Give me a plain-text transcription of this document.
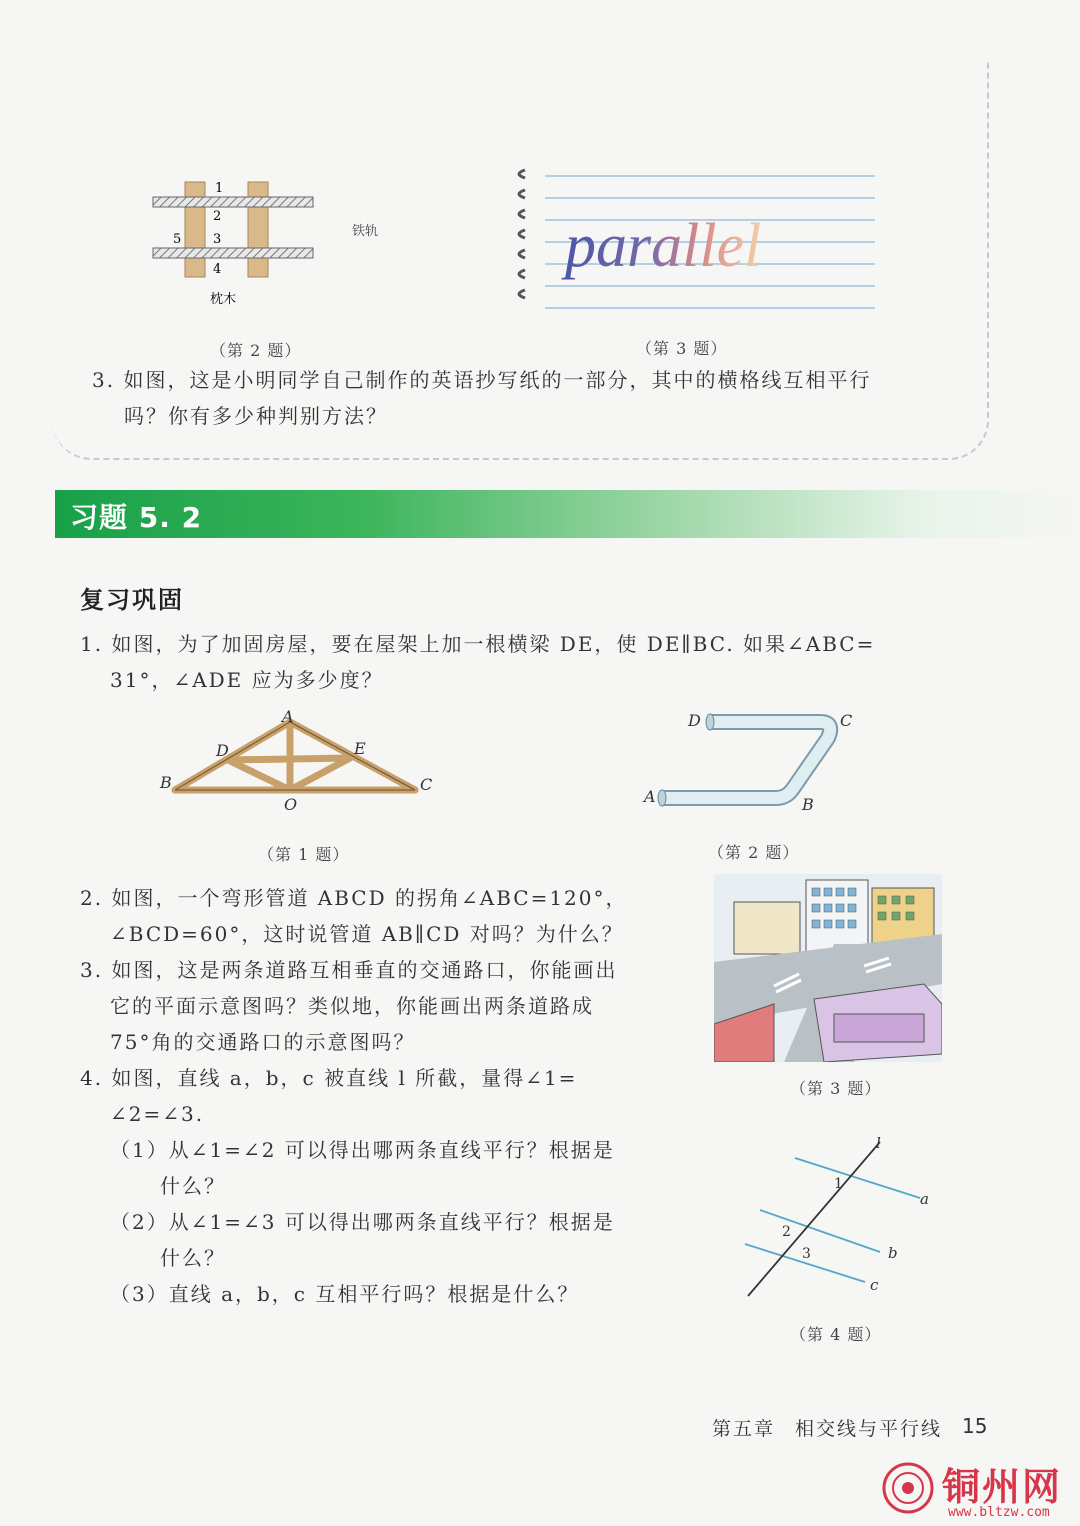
1
2
3
4
5
枕木
铁轨
（第 2 题）
parallel
（第 3 题）
3. 如图，这是小明同学自己制作的英语抄写纸的一部分，其中的横格线互相平行
吗？你有多少种判别方法？
习题 5. 2
复习巩固
1. 如图，为了加固房屋，要在屋架上加一根横梁 DE，使 DE∥BC. 如果∠ABC=
31°，∠ADE 应为多少度？
A
B	C
D	E
O
（第 1 题）
D	C
A	B
（第 2 题）
2. 如图，一个弯形管道 ABCD 的拐角∠ABC=120°，
∠BCD=60°，这时说管道 AB∥CD 对吗？为什么？
3. 如图，这是两条道路互相垂直的交通路口，你能画出
它的平面示意图吗？类似地，你能画出两条道路成
75°角的交通路口的示意图吗？
（第 3 题）
4. 如图，直线 a，b，c 被直线 l 所截，量得∠1=
∠2=∠3.
（1）从∠1=∠2 可以得出哪两条直线平行？根据是
什么？
（2）从∠1=∠3 可以得出哪两条直线平行？根据是
什么？
（3）直线 a，b，c 互相平行吗？根据是什么？
l
a
b
c
1
2
3
（第 4 题）
第五章 相交线与平行线 15
铜州网
www.bltzw.com
